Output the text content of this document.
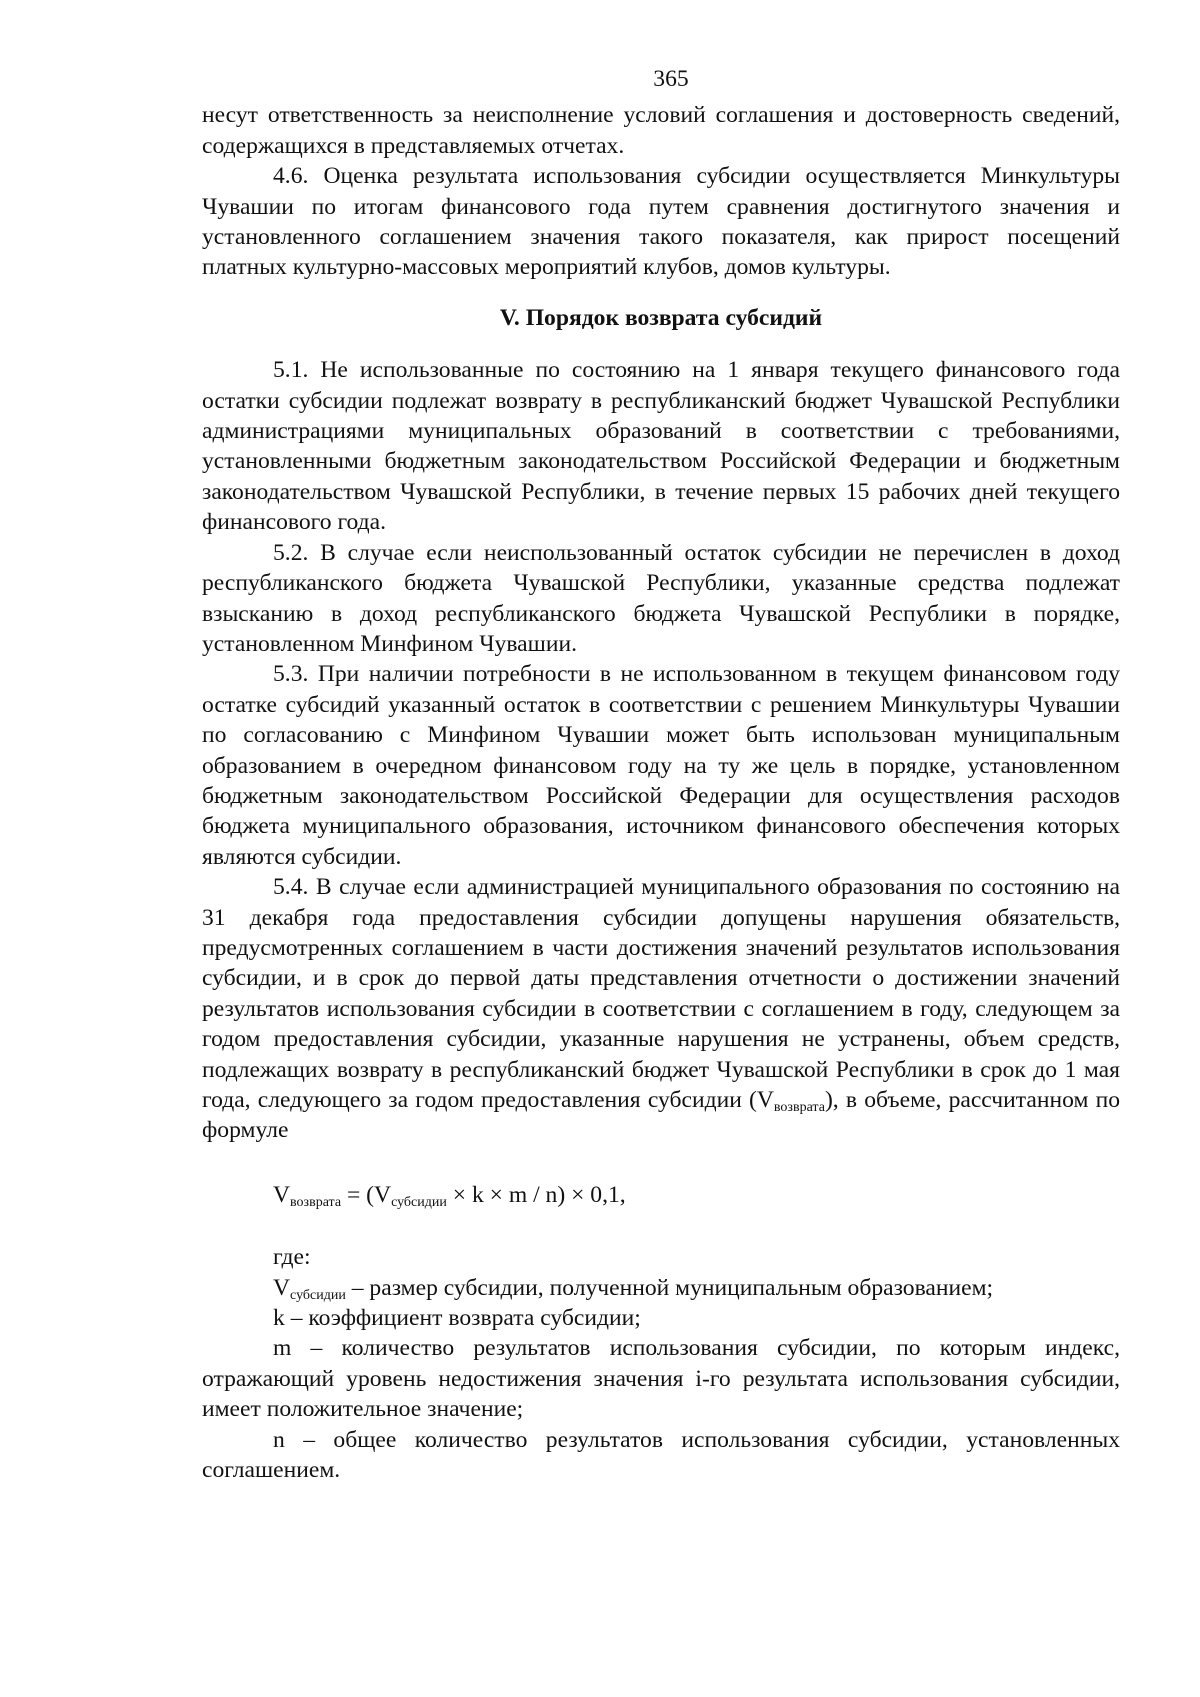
365

несут ответственность за неисполнение условий соглашения и достоверность сведений, содержащихся в представляемых отчетах.

4.6. Оценка результата использования субсидии осуществляется Минкультуры Чувашии по итогам финансового года путем сравнения достигнутого значения и установленного соглашением значения такого показателя, как прирост посещений платных культурно-массовых мероприятий клубов, домов культуры.

V. Порядок возврата субсидий

5.1. Не использованные по состоянию на 1 января текущего финансового года остатки субсидии подлежат возврату в республиканский бюджет Чувашской Республики администрациями муниципальных образований в соответствии с требованиями, установленными бюджетным законодательством Российской Федерации и бюджетным законодательством Чувашской Республики, в течение первых 15 рабочих дней текущего финансового года.

5.2. В случае если неиспользованный остаток субсидии не перечислен в доход республиканского бюджета Чувашской Республики, указанные средства подлежат взысканию в доход республиканского бюджета Чувашской Республики в порядке, установленном Минфином Чувашии.

5.3. При наличии потребности в не использованном в текущем финансовом году остатке субсидий указанный остаток в соответствии с решением Минкультуры Чувашии по согласованию с Минфином Чувашии может быть использован муниципальным образованием в очередном финансовом году на ту же цель в порядке, установленном бюджетным законодательством Российской Федерации для осуществления расходов бюджета муниципального образования, источником финансового обеспечения которых являются субсидии.

5.4. В случае если администрацией муниципального образования по состоянию на 31 декабря года предоставления субсидии допущены нарушения обязательств, предусмотренных соглашением в части достижения значений результатов использования субсидии, и в срок до первой даты представления отчетности о достижении значений результатов использования субсидии в соответствии с соглашением в году, следующем за годом предоставления субсидии, указанные нарушения не устранены, объем средств, подлежащих возврату в республиканский бюджет Чувашской Республики в срок до 1 мая года, следующего за годом предоставления субсидии $(V_{возврата})$, в объеме, рассчитанном по формуле

$V_{возврата} = (V_{субсидии} \times k \times m / n) \times 0,1$,
где:
$V_{субсидии}$ – размер субсидии, полученной муниципальным образованием;
k – коэффициент возврата субсидии;

m – количество результатов использования субсидии, по которым индекс, отражающий уровень недостижения значения i-го результата использования субсидии, имеет положительное значение;

n – общее количество результатов использования субсидии, установленных соглашением.
